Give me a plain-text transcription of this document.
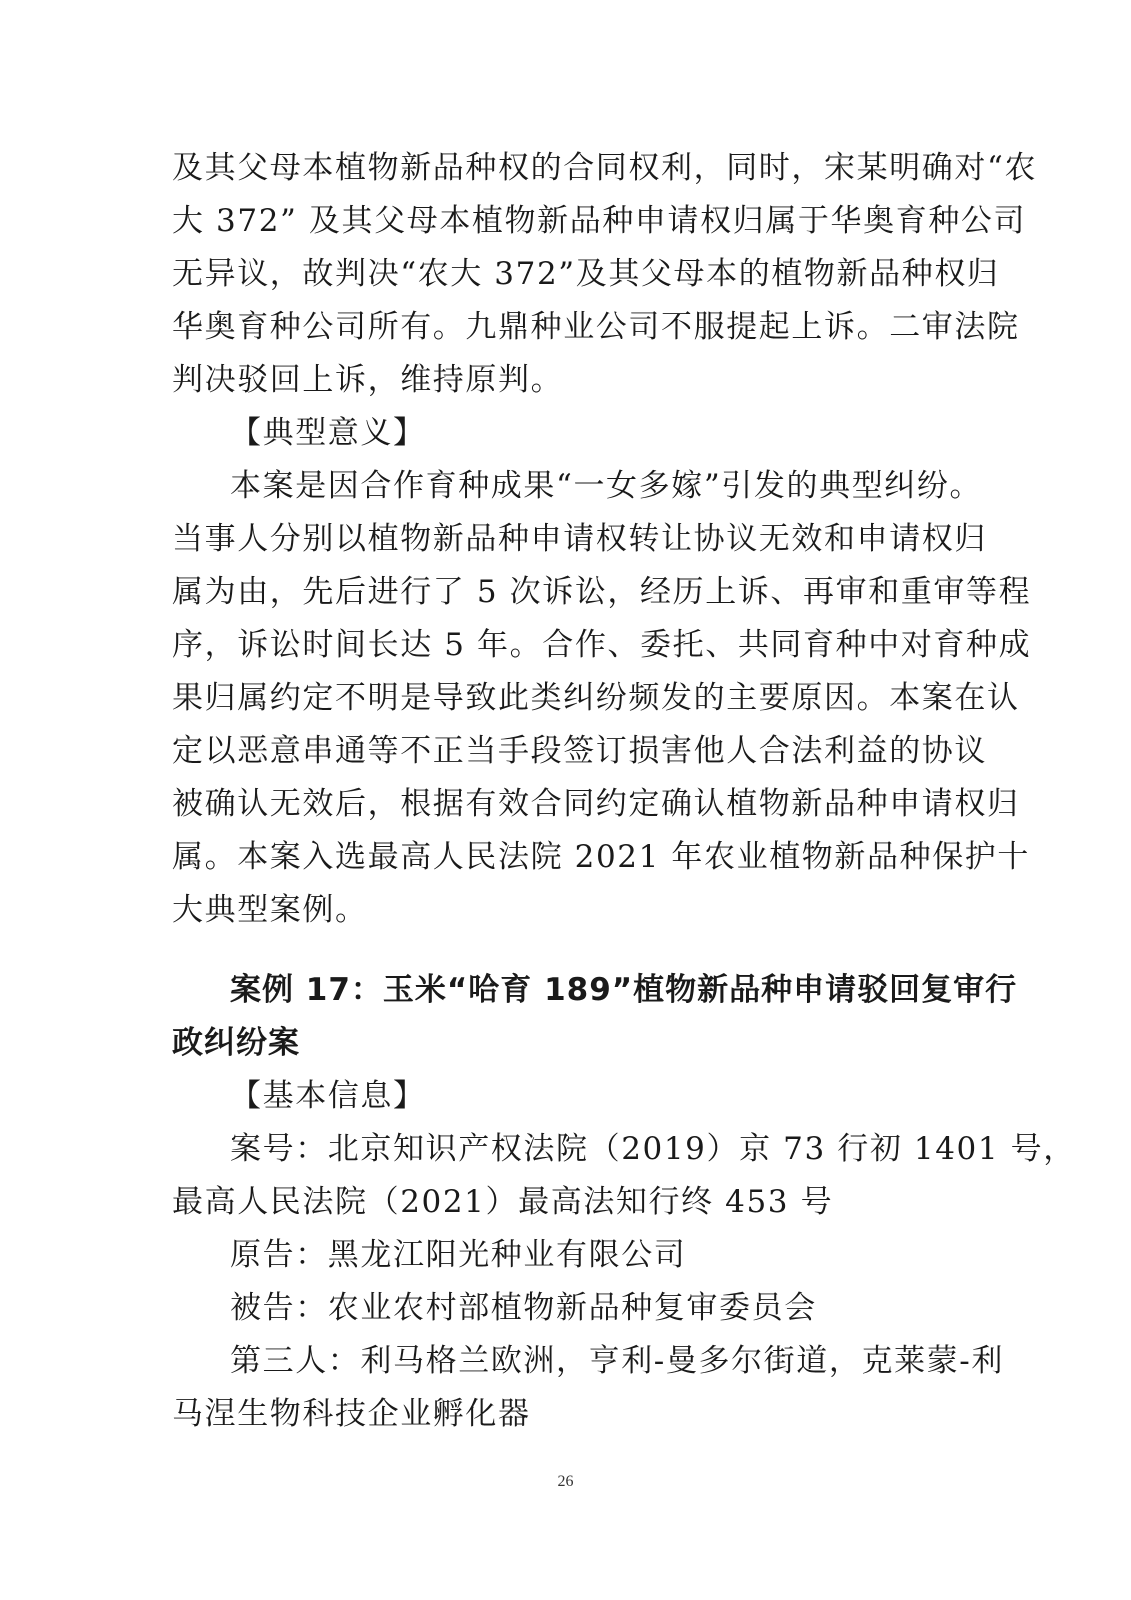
及其父母本植物新品种权的合同权利，同时，宋某明确对“农
大 372” 及其父母本植物新品种申请权归属于华奥育种公司
无异议，故判决“农大 372”及其父母本的植物新品种权归
华奥育种公司所有。九鼎种业公司不服提起上诉。二审法院
判决驳回上诉，维持原判。
【典型意义】
本案是因合作育种成果“一女多嫁”引发的典型纠纷。
当事人分别以植物新品种申请权转让协议无效和申请权归
属为由，先后进行了 5 次诉讼，经历上诉、再审和重审等程
序，诉讼时间长达 5 年。合作、委托、共同育种中对育种成
果归属约定不明是导致此类纠纷频发的主要原因。本案在认
定以恶意串通等不正当手段签订损害他人合法利益的协议
被确认无效后，根据有效合同约定确认植物新品种申请权归
属。本案入选最高人民法院 2021 年农业植物新品种保护十
大典型案例。
案例 17：玉米“哈育 189”植物新品种申请驳回复审行
政纠纷案
【基本信息】
案号：北京知识产权法院（2019）京 73 行初 1401 号，
最高人民法院（2021）最高法知行终 453 号
原告：黑龙江阳光种业有限公司
被告：农业农村部植物新品种复审委员会
第三人：利马格兰欧洲，亨利-曼多尔街道，克莱蒙-利
马涅生物科技企业孵化器
26
